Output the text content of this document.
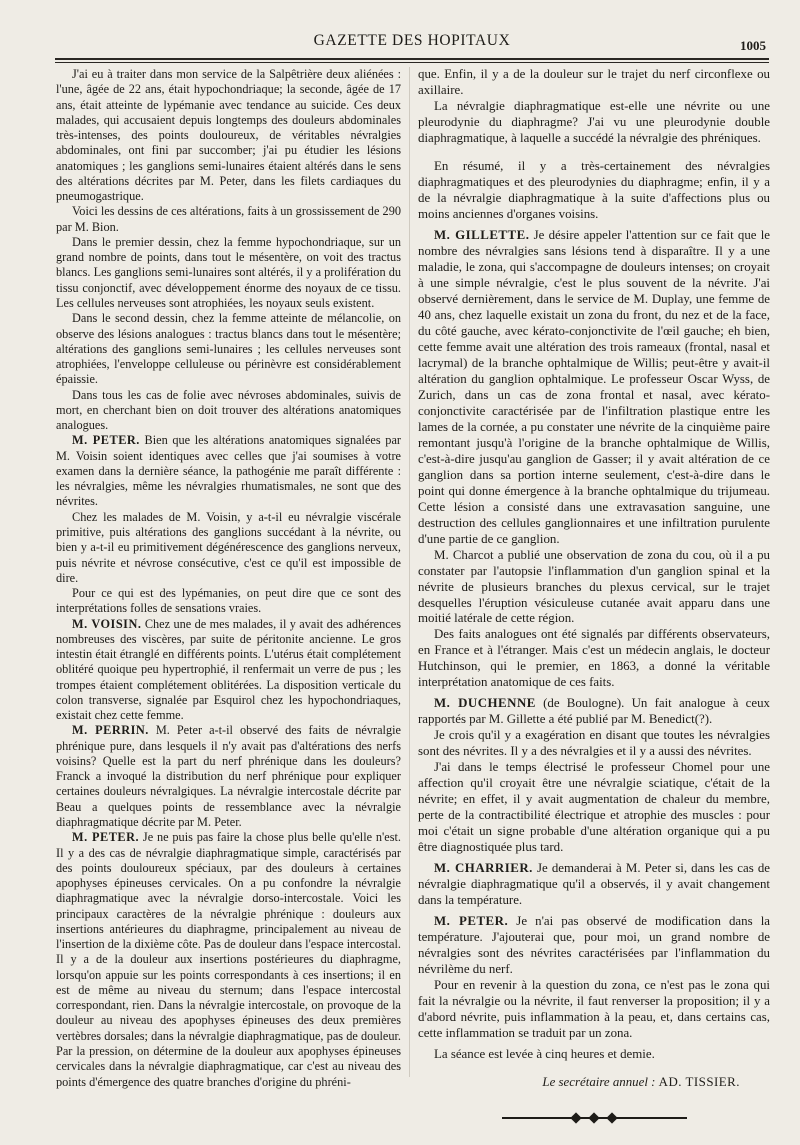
GAZETTE DES HOPITAUX	1005

J'ai eu à traiter dans mon service de la Salpêtrière deux aliénées : l'une, âgée de 22 ans, était hypochondriaque; la seconde, âgée de 17 ans, était atteinte de lypémanie avec tendance au suicide. Ces deux malades, qui accusaient depuis longtemps des douleurs abdominales très-intenses, des points douloureux, de véritables névralgies abdominales, ont fini par succomber; j'ai pu étudier les lésions anatomiques ; les ganglions semi-lunaires étaient altérés dans le sens des altérations décrites par M. Peter, dans les filets cardiaques du pneumogastrique.

Voici les dessins de ces altérations, faits à un grossissement de 290 par M. Bion.

Dans le premier dessin, chez la femme hypochondriaque, sur un grand nombre de points, dans tout le mésentère, on voit des tractus blancs. Les ganglions semi-lunaires sont altérés, il y a prolifération du tissu conjonctif, avec développement énorme des noyaux de ce tissu. Les cellules nerveuses sont atrophiées, les noyaux seuls existent.

Dans le second dessin, chez la femme atteinte de mélancolie, on observe des lésions analogues : tractus blancs dans tout le mésentère; altérations des ganglions semi-lunaires ; les cellules nerveuses sont atrophiées, l'enveloppe celluleuse ou périnèvre est considérablement épaissie.

Dans tous les cas de folie avec névroses abdominales, suivis de mort, en cherchant bien on doit trouver des altérations anatomiques analogues.

M. PETER. Bien que les altérations anatomiques signalées par M. Voisin soient identiques avec celles que j'ai soumises à votre examen dans la dernière séance, la pathogénie me paraît différente : les névralgies, même les névralgies rhumatismales, ne sont que des névrites.

Chez les malades de M. Voisin, y a-t-il eu névralgie viscérale primitive, puis altérations des ganglions succédant à la névrite, ou bien y a-t-il eu primitivement dégénérescence des ganglions nerveux, puis névrite et névrose consécutive, c'est ce qu'il est impossible de dire.

Pour ce qui est des lypémanies, on peut dire que ce sont des interprétations folles de sensations vraies.

M. VOISIN. Chez une de mes malades, il y avait des adhérences nombreuses des viscères, par suite de péritonite ancienne. Le gros intestin était étranglé en différents points. L'utérus était complétement oblitéré quoique peu hypertrophié, il renfermait un verre de pus ; les trompes étaient complétement oblitérées. La disposition verticale du colon transverse, signalée par Esquirol chez les hypochondriaques, existait chez cette femme.

M. PERRIN. M. Peter a-t-il observé des faits de névralgie phrénique pure, dans lesquels il n'y avait pas d'altérations des nerfs voisins? Quelle est la part du nerf phrénique dans les douleurs? Franck a invoqué la distribution du nerf phrénique pour expliquer certaines douleurs névralgiques. La névralgie intercostale décrite par Beau a quelques points de ressemblance avec la névralgie diaphragmatique décrite par M. Peter.

M. PETER. Je ne puis pas faire la chose plus belle qu'elle n'est. Il y a des cas de névralgie diaphragmatique simple, caractérisés par des points douloureux spéciaux, par des douleurs à certaines apophyses épineuses cervicales. On a pu confondre la névralgie diaphragmatique avec la névralgie dorso-intercostale. Voici les principaux caractères de la névralgie phrénique : douleurs aux insertions antérieures du diaphragme, principalement au niveau de l'insertion de la dixième côte. Pas de douleur dans l'espace intercostal. Il y a de la douleur aux insertions postérieures du diaphragme, lorsqu'on appuie sur les points correspondants à ces insertions; il en est de même au niveau du sternum; dans l'espace intercostal correspondant, rien. Dans la névralgie intercostale, on provoque de la douleur au niveau des apophyses épineuses des deux premières vertèbres dorsales; dans la névralgie diaphragmatique, pas de douleur. Par la pression, on détermine de la douleur aux apophyses épineuses cervicales dans la névralgie diaphragmatique, car c'est au niveau des points d'émergence des quatre branches d'origine du phréni-

que. Enfin, il y a de la douleur sur le trajet du nerf circonflexe ou axillaire.

La névralgie diaphragmatique est-elle une névrite ou une pleurodynie du diaphragme? J'ai vu une pleurodynie double diaphragmatique, à laquelle a succédé la névralgie des phréniques.

En résumé, il y a très-certainement des névralgies diaphragmatiques et des pleurodynies du diaphragme; enfin, il y a de la névralgie diaphragmatique à la suite d'affections plus ou moins anciennes d'organes voisins.

M. GILLETTE. Je désire appeler l'attention sur ce fait que le nombre des névralgies sans lésions tend à disparaître. Il y a une maladie, le zona, qui s'accompagne de douleurs intenses; on croyait à une simple névralgie, c'est le plus souvent de la névrite. J'ai observé dernièrement, dans le service de M. Duplay, une femme de 40 ans, chez laquelle existait un zona du front, du nez et de la face, du côté gauche, avec kérato-conjonctivite de l'œil gauche; eh bien, cette femme avait une altération des trois rameaux (frontal, nasal et lacrymal) de la branche ophtalmique de Willis; peut-être y avait-il altération du ganglion ophtalmique. Le professeur Oscar Wyss, de Zurich, dans un cas de zona frontal et nasal, avec kérato-conjonctivite caractérisée par de l'infiltration plastique entre les lames de la cornée, a pu constater une névrite de la cinquième paire remontant jusqu'à l'origine de la branche ophtalmique de Willis, c'est-à-dire jusqu'au ganglion de Gasser; il y avait altération de ce ganglion dans sa portion interne seulement, c'est-à-dire dans le point qui donne émergence à la branche ophtalmique du trijumeau. Cette lésion a consisté dans une extravasation sanguine, une destruction des cellules ganglionnaires et une infiltration purulente d'une partie de ce ganglion.

M. Charcot a publié une observation de zona du cou, où il a pu constater par l'autopsie l'inflammation d'un ganglion spinal et la névrite de plusieurs branches du plexus cervical, sur le trajet desquelles l'éruption vésiculeuse cutanée avait apparu dans une moitié latérale de cette région.

Des faits analogues ont été signalés par différents observateurs, en France et à l'étranger. Mais c'est un médecin anglais, le docteur Hutchinson, qui le premier, en 1863, a donné la véritable interprétation anatomique de ces faits.

M. DUCHENNE (de Boulogne). Un fait analogue à ceux rapportés par M. Gillette a été publié par M. Benedict(?).

Je crois qu'il y a exagération en disant que toutes les névralgies sont des névrites. Il y a des névralgies et il y a aussi des névrites.

J'ai dans le temps électrisé le professeur Chomel pour une affection qu'il croyait être une névralgie sciatique, c'était de la névrite; en effet, il y avait augmentation de chaleur du membre, perte de la contractibilité électrique et atrophie des muscles : pour moi c'était un signe probable d'une altération organique qui a pu être diagnostiquée plus tard.

M. CHARRIER. Je demanderai à M. Peter si, dans les cas de névralgie diaphragmatique qu'il a observés, il y avait changement dans la température.

M. PETER. Je n'ai pas observé de modification dans la température. J'ajouterai que, pour moi, un grand nombre de névralgies sont des névrites caractérisées par l'inflammation du névrilème du nerf.

Pour en revenir à la question du zona, ce n'est pas le zona qui fait la névralgie ou la névrite, il faut renverser la proposition; il y a d'abord névrite, puis inflammation à la peau, et, dans certains cas, cette inflammation se traduit par un zona.

La séance est levée à cinq heures et demie.

Le secrétaire annuel : AD. TISSIER.
